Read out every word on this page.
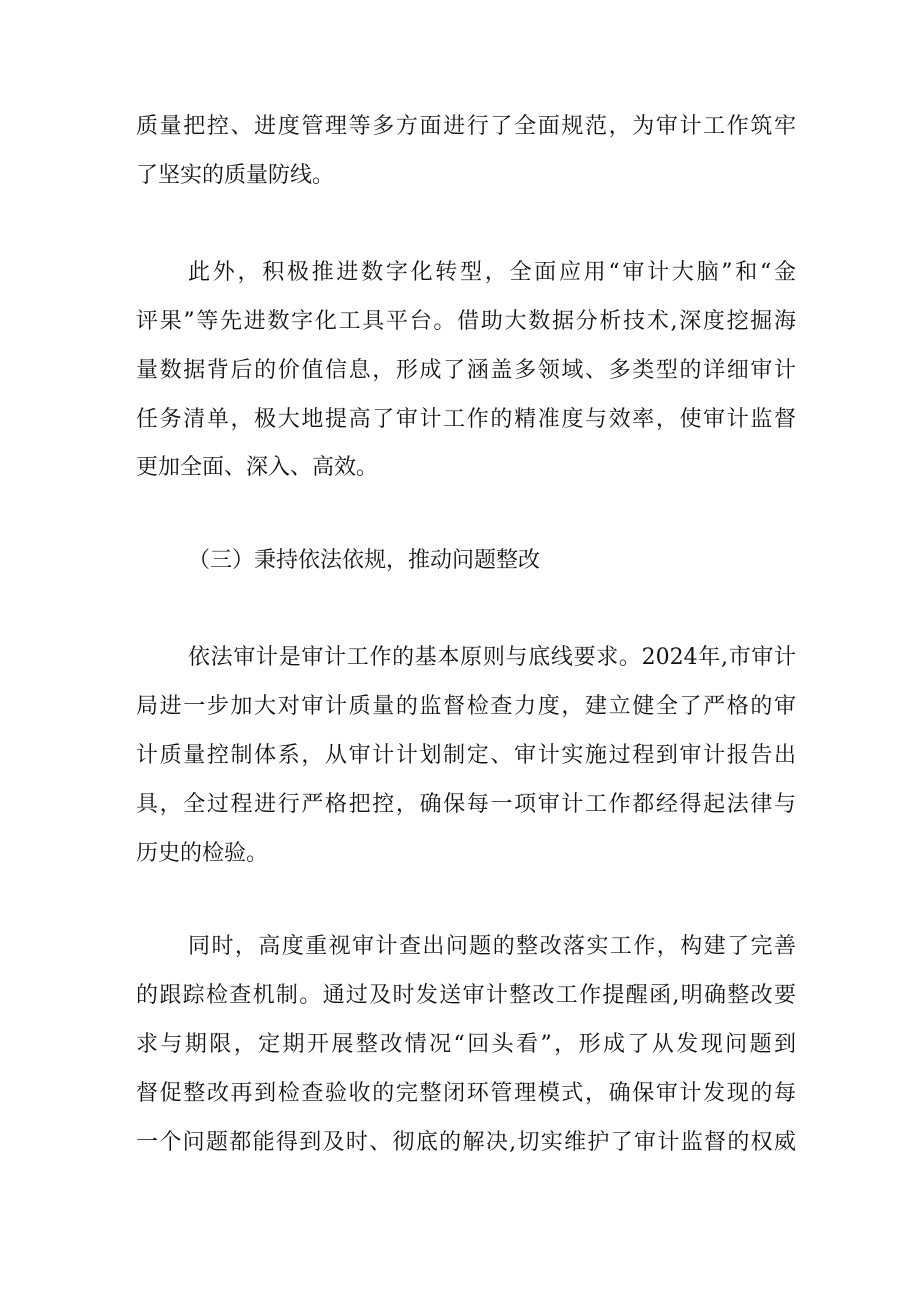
质量把控、进度管理等多方面进行了全面规范，为审计工作筑牢
了坚实的质量防线。
此外，积极推进数字化转型，全面应用“审计大脑”和“金
评果”等先进数字化工具平台。借助大数据分析技术,深度挖掘海
量数据背后的价值信息，形成了涵盖多领域、多类型的详细审计
任务清单，极大地提高了审计工作的精准度与效率，使审计监督
更加全面、深入、高效。
（三）秉持依法依规，推动问题整改
依法审计是审计工作的基本原则与底线要求。2024年,市审计
局进一步加大对审计质量的监督检查力度，建立健全了严格的审
计质量控制体系，从审计计划制定、审计实施过程到审计报告出
具，全过程进行严格把控，确保每一项审计工作都经得起法律与
历史的检验。
同时，高度重视审计查出问题的整改落实工作，构建了完善
的跟踪检查机制。通过及时发送审计整改工作提醒函,明确整改要
求与期限，定期开展整改情况“回头看”，形成了从发现问题到
督促整改再到检查验收的完整闭环管理模式，确保审计发现的每
一个问题都能得到及时、彻底的解决,切实维护了审计监督的权威
